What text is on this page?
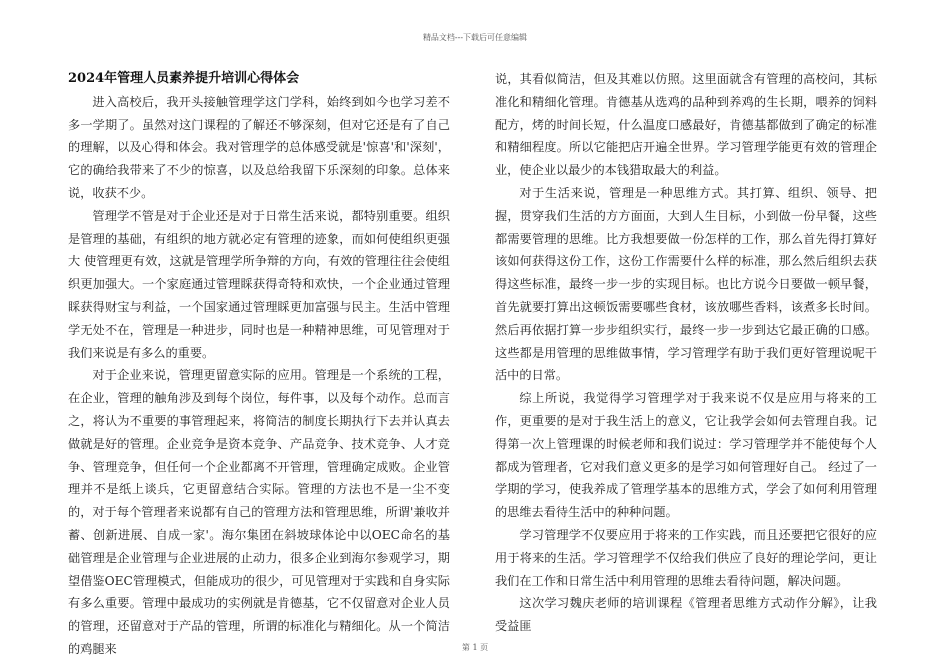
精品文档---下载后可任意编辑
2024年管理人员素养提升培训心得体会

进入高校后，我开头接触管理学这门学科，始终到如今也学习差不多一学期了。虽然对这门课程的了解还不够深刻，但对它还是有了自己的理解，以及心得和体会。我对管理学的总体感受就是'惊喜'和'深刻'，它的确给我带来了不少的惊喜，以及总给我留下乐深刻的印象。总体来说，收获不少。

管理学不管是对于企业还是对于日常生活来说，都特别重要。组织是管理的基础，有组织的地方就必定有管理的迹象，而如何使组织更强大 使管理更有效，这就是管理学所争辩的方向，有效的管理往往会使组织更加强大。一个家庭通过管理睬获得奇特和欢快，一个企业通过管理睬获得财宝与利益，一个国家通过管理睬更加富强与民主。生活中管理学无处不在，管理是一种进步，同时也是一种精神思维，可见管理对于我们来说是有多么的重要。

对于企业来说，管理更留意实际的应用。管理是一个系统的工程，在企业，管理的触角涉及到每个岗位，每件事，以及每个动作。总而言之，将认为不重要的事管理起来，将简洁的制度长期执行下去并认真去做就是好的管理。企业竞争是资本竞争、产品竞争、技术竞争、人才竞争、管理竞争，但任何一个企业都离不开管理，管理确定成败。企业管理并不是纸上谈兵，它更留意结合实际。管理的方法也不是一尘不变的，对于每个管理者来说都有自己的管理方法和管理思维，所谓'兼收并蓄、创新进展、自成一家'。海尔集团在斜坡球体论中以OEC命名的基础管理是企业管理与企业进展的止动力，很多企业到海尔参观学习，期望借鉴OEC管理模式，但能成功的很少，可见管理对于实践和自身实际有多么重要。管理中最成功的实例就是肯德基，它不仅留意对企业人员的管理，还留意对于产品的管理，所谓的标准化与精细化。从一个简洁的鸡腿来

说，其看似简洁，但及其难以仿照。这里面就含有管理的高校问，其标准化和精细化管理。肯德基从选鸡的品种到养鸡的生长期，喂养的饲料配方，烤的时间长短，什么温度口感最好，肯德基都做到了确定的标准和精细程度。所以它能把店开遍全世界。学习管理学能更有效的管理企业，使企业以最少的本钱猎取最大的利益。

对于生活来说，管理是一种思维方式。其打算、组织、领导、把握，贯穿我们生活的方方面面，大到人生目标，小到做一份早餐，这些都需要管理的思维。比方我想要做一份怎样的工作，那么首先得打算好该如何获得这份工作，这份工作需要什么样的标准，那么然后组织去获得这些标准，最终一步一步的实现目标。也比方说今日要做一顿早餐，首先就要打算出这顿饭需要哪些食材，该放哪些香料，该煮多长时间。然后再依据打算一步步组织实行，最终一步一步到达它最正确的口感。这些都是用管理的思维做事情，学习管理学有助于我们更好管理说呢干活中的日常。

综上所说，我觉得学习管理学对于我来说不仅是应用与将来的工作，更重要的是对于我生活上的意义，它让我学会如何去管理自我。记得第一次上管理课的时候老师和我们说过：学习管理学并不能使每个人都成为管理者，它对我们意义更多的是学习如何管理好自己。 经过了一学期的学习，使我养成了管理学基本的思维方式，学会了如何利用管理的思维去看待生活中的种种问题。

学习管理学不仅要应用于将来的工作实践，而且还要把它很好的应用于将来的生活。学习管理学不仅给我们供应了良好的理论学问，更让我们在工作和日常生活中利用管理的思维去看待问题，解决问题。

这次学习魏庆老师的培训课程《管理者思维方式动作分解》，让我受益匪

第 1 页
